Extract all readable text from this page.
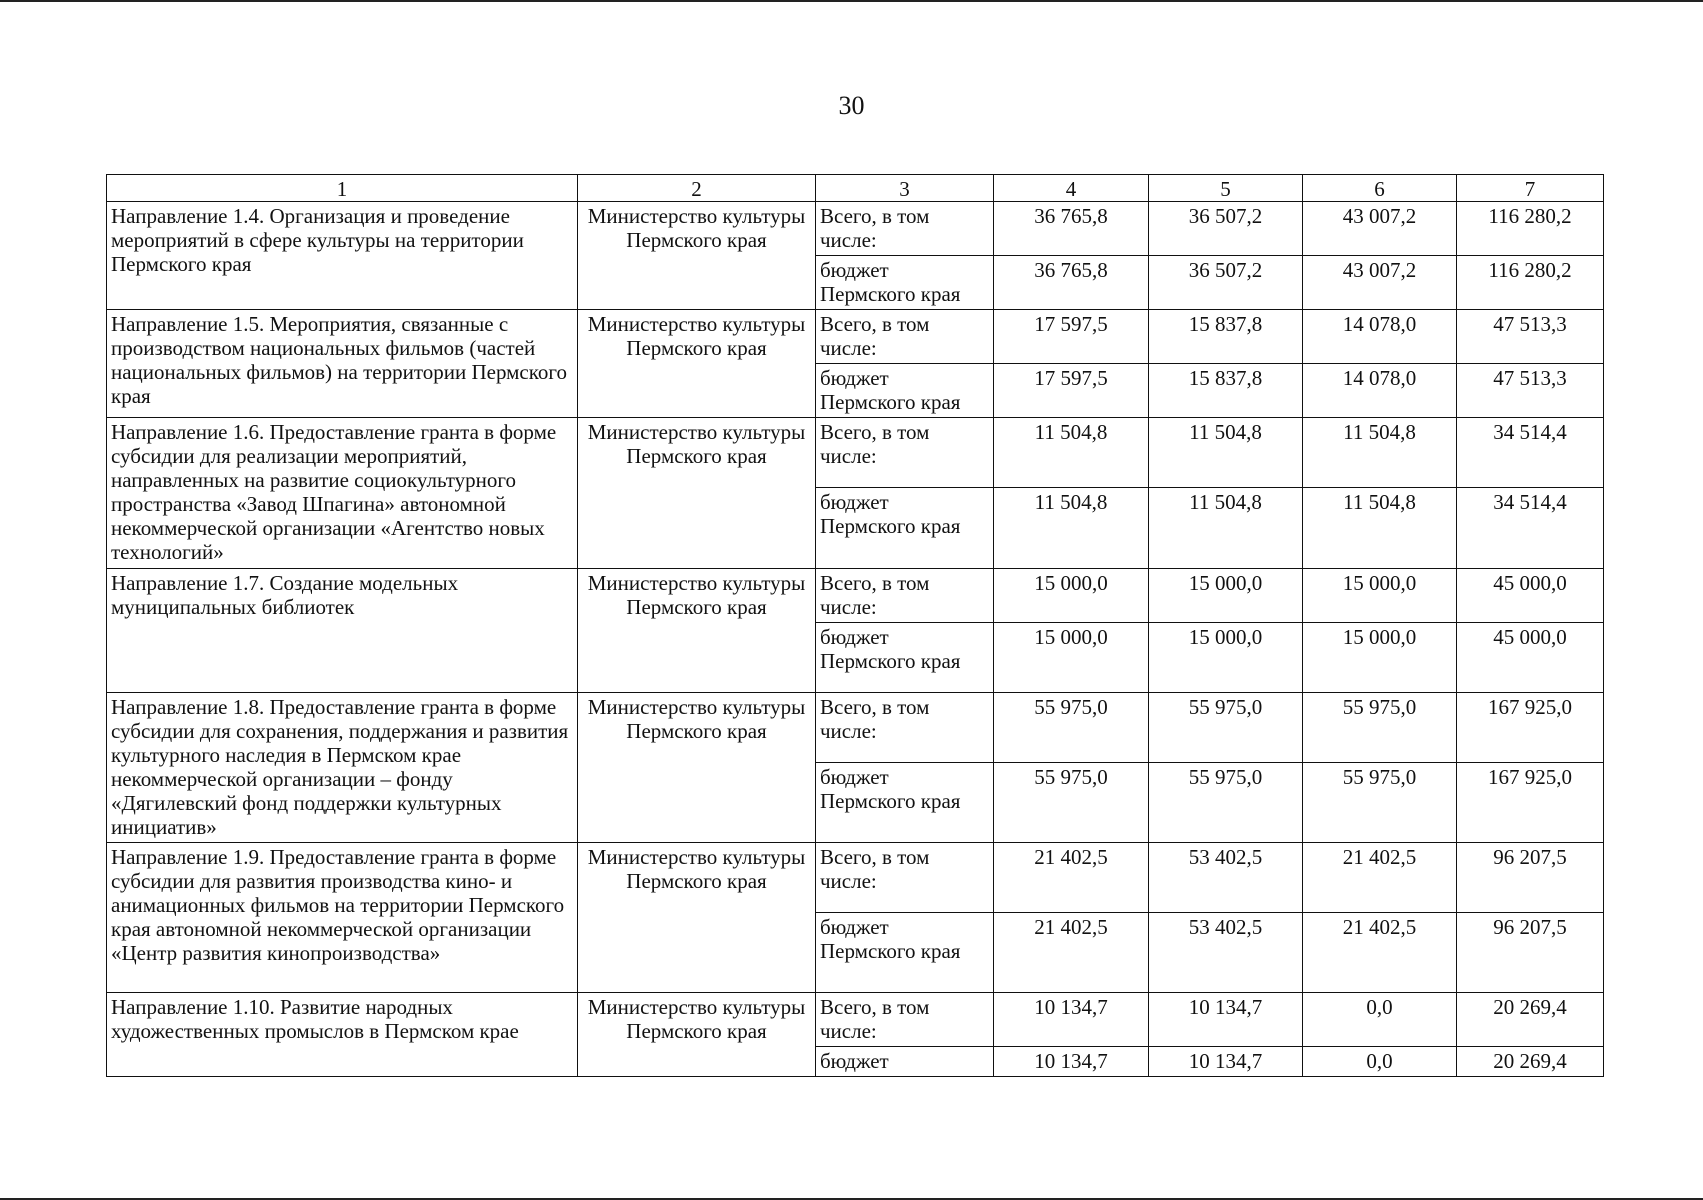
30
1	2	3	4	5	6	7
Направление 1.4. Организация и проведение мероприятий в сфере культуры на территории Пермского края	Министерство культуры Пермского края	Всего, в том числе:	36 765,8	36 507,2	43 007,2	116 280,2
		бюджет Пермского края	36 765,8	36 507,2	43 007,2	116 280,2
Направление 1.5. Мероприятия, связанные с производством национальных фильмов (частей национальных фильмов) на территории Пермского края	Министерство культуры Пермского края	Всего, в том числе:	17 597,5	15 837,8	14 078,0	47 513,3
		бюджет Пермского края	17 597,5	15 837,8	14 078,0	47 513,3
Направление 1.6. Предоставление гранта в форме субсидии для реализации мероприятий, направленных на развитие социокультурного пространства «Завод Шпагина» автономной некоммерческой организации «Агентство новых технологий»	Министерство культуры Пермского края	Всего, в том числе:	11 504,8	11 504,8	11 504,8	34 514,4
		бюджет Пермского края	11 504,8	11 504,8	11 504,8	34 514,4
Направление 1.7. Создание модельных муниципальных библиотек	Министерство культуры Пермского края	Всего, в том числе:	15 000,0	15 000,0	15 000,0	45 000,0
		бюджет Пермского края	15 000,0	15 000,0	15 000,0	45 000,0
Направление 1.8. Предоставление гранта в форме субсидии для сохранения, поддержания и развития культурного наследия в Пермском крае некоммерческой организации – фонду «Дягилевский фонд поддержки культурных инициатив»	Министерство культуры Пермского края	Всего, в том числе:	55 975,0	55 975,0	55 975,0	167 925,0
		бюджет Пермского края	55 975,0	55 975,0	55 975,0	167 925,0
Направление 1.9. Предоставление гранта в форме субсидии для развития производства кино- и анимационных фильмов на территории Пермского края автономной некоммерческой организации «Центр развития кинопроизводства»	Министерство культуры Пермского края	Всего, в том числе:	21 402,5	53 402,5	21 402,5	96 207,5
		бюджет Пермского края	21 402,5	53 402,5	21 402,5	96 207,5
Направление 1.10. Развитие народных художественных промыслов в Пермском крае	Министерство культуры Пермского края	Всего, в том числе:	10 134,7	10 134,7	0,0	20 269,4
		бюджет	10 134,7	10 134,7	0,0	20 269,4
